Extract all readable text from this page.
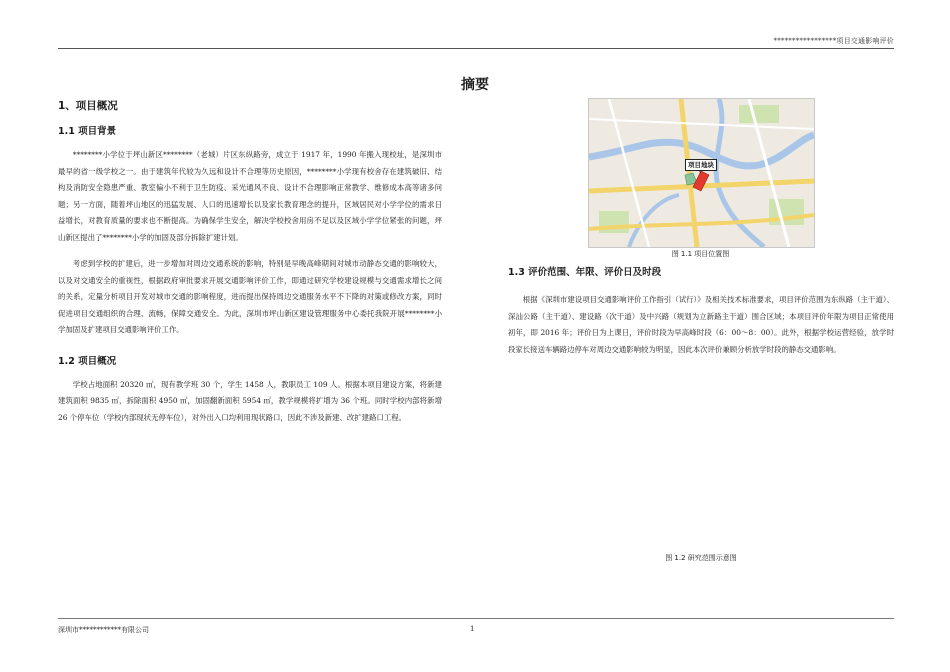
*****************项目交通影响评价
摘要
1、项目概况
1.1 项目背景

********小学位于坪山新区********（老城）片区东纵路旁，成立于 1917 年，1990 年搬入现校址，是深圳市最早的省一级学校之一。由于建筑年代较为久远和设计不合理等历史原因，********小学现有校舍存在建筑破旧、结构及消防安全隐患严重、教室偏小不利于卫生防疫、采光通风不良、设计不合理影响正常教学、维修成本高等诸多问题；另一方面，随着坪山地区的迅猛发展、人口的迅速增长以及家长教育理念的提升，区域居民对小学学位的需求日益增长，对教育质量的要求也不断提高。为确保学生安全，解决学校校舍用房不足以及区域小学学位紧张的问题，坪山新区提出了********小学的加固及部分拆除扩建计划。

考虑到学校的扩建后，进一步增加对周边交通系统的影响，特别是早晚高峰期间对城市动静态交通的影响较大，以及对交通安全的重视性，根据政府审批要求开展交通影响评价工作，即通过研究学校建设规模与交通需求增长之间的关系，定量分析项目开发对城市交通的影响程度，进而提出保持周边交通服务水平不下降的对策或修改方案，同时促进项目交通组织的合理、流畅，保障交通安全。为此，深圳市坪山新区建设管理服务中心委托我院开展********小学加固及扩建项目交通影响评价工作。

1.2 项目概况

学校占地面积 20320 ㎡，现有教学班 30 个，学生 1458 人，教职员工 109 人。根据本项目建设方案，将新建建筑面积 9835 ㎡，拆除面积 4950 ㎡，加固翻新面积 5954 ㎡，教学规模将扩增为 36 个班。同时学校内部将新增 26 个停车位（学校内部现状无停车位），对外出入口均利用现状路口，因此不涉及新建、改扩建路口工程。

项目地块
图 1.1 项目位置图
1.3 评价范围、年限、评价日及时段

根据《深圳市建设项目交通影响评价工作指引（试行）》及相关技术标准要求，项目评价范围为东纵路（主干道）、深汕公路（主干道）、建设路（次干道）及中兴路（规划为立新路主干道）围合区域；本项目评价年限为项目正常使用初年，即 2016 年；评价日为上课日，评价时段为早高峰时段（6：00～8：00）。此外，根据学校运营经验，放学时段家长接送车辆路边停车对周边交通影响较为明显，因此本次评价兼顾分析放学时段的静态交通影响。

图 1.2 研究范围示意图
深圳市************有限公司	1
